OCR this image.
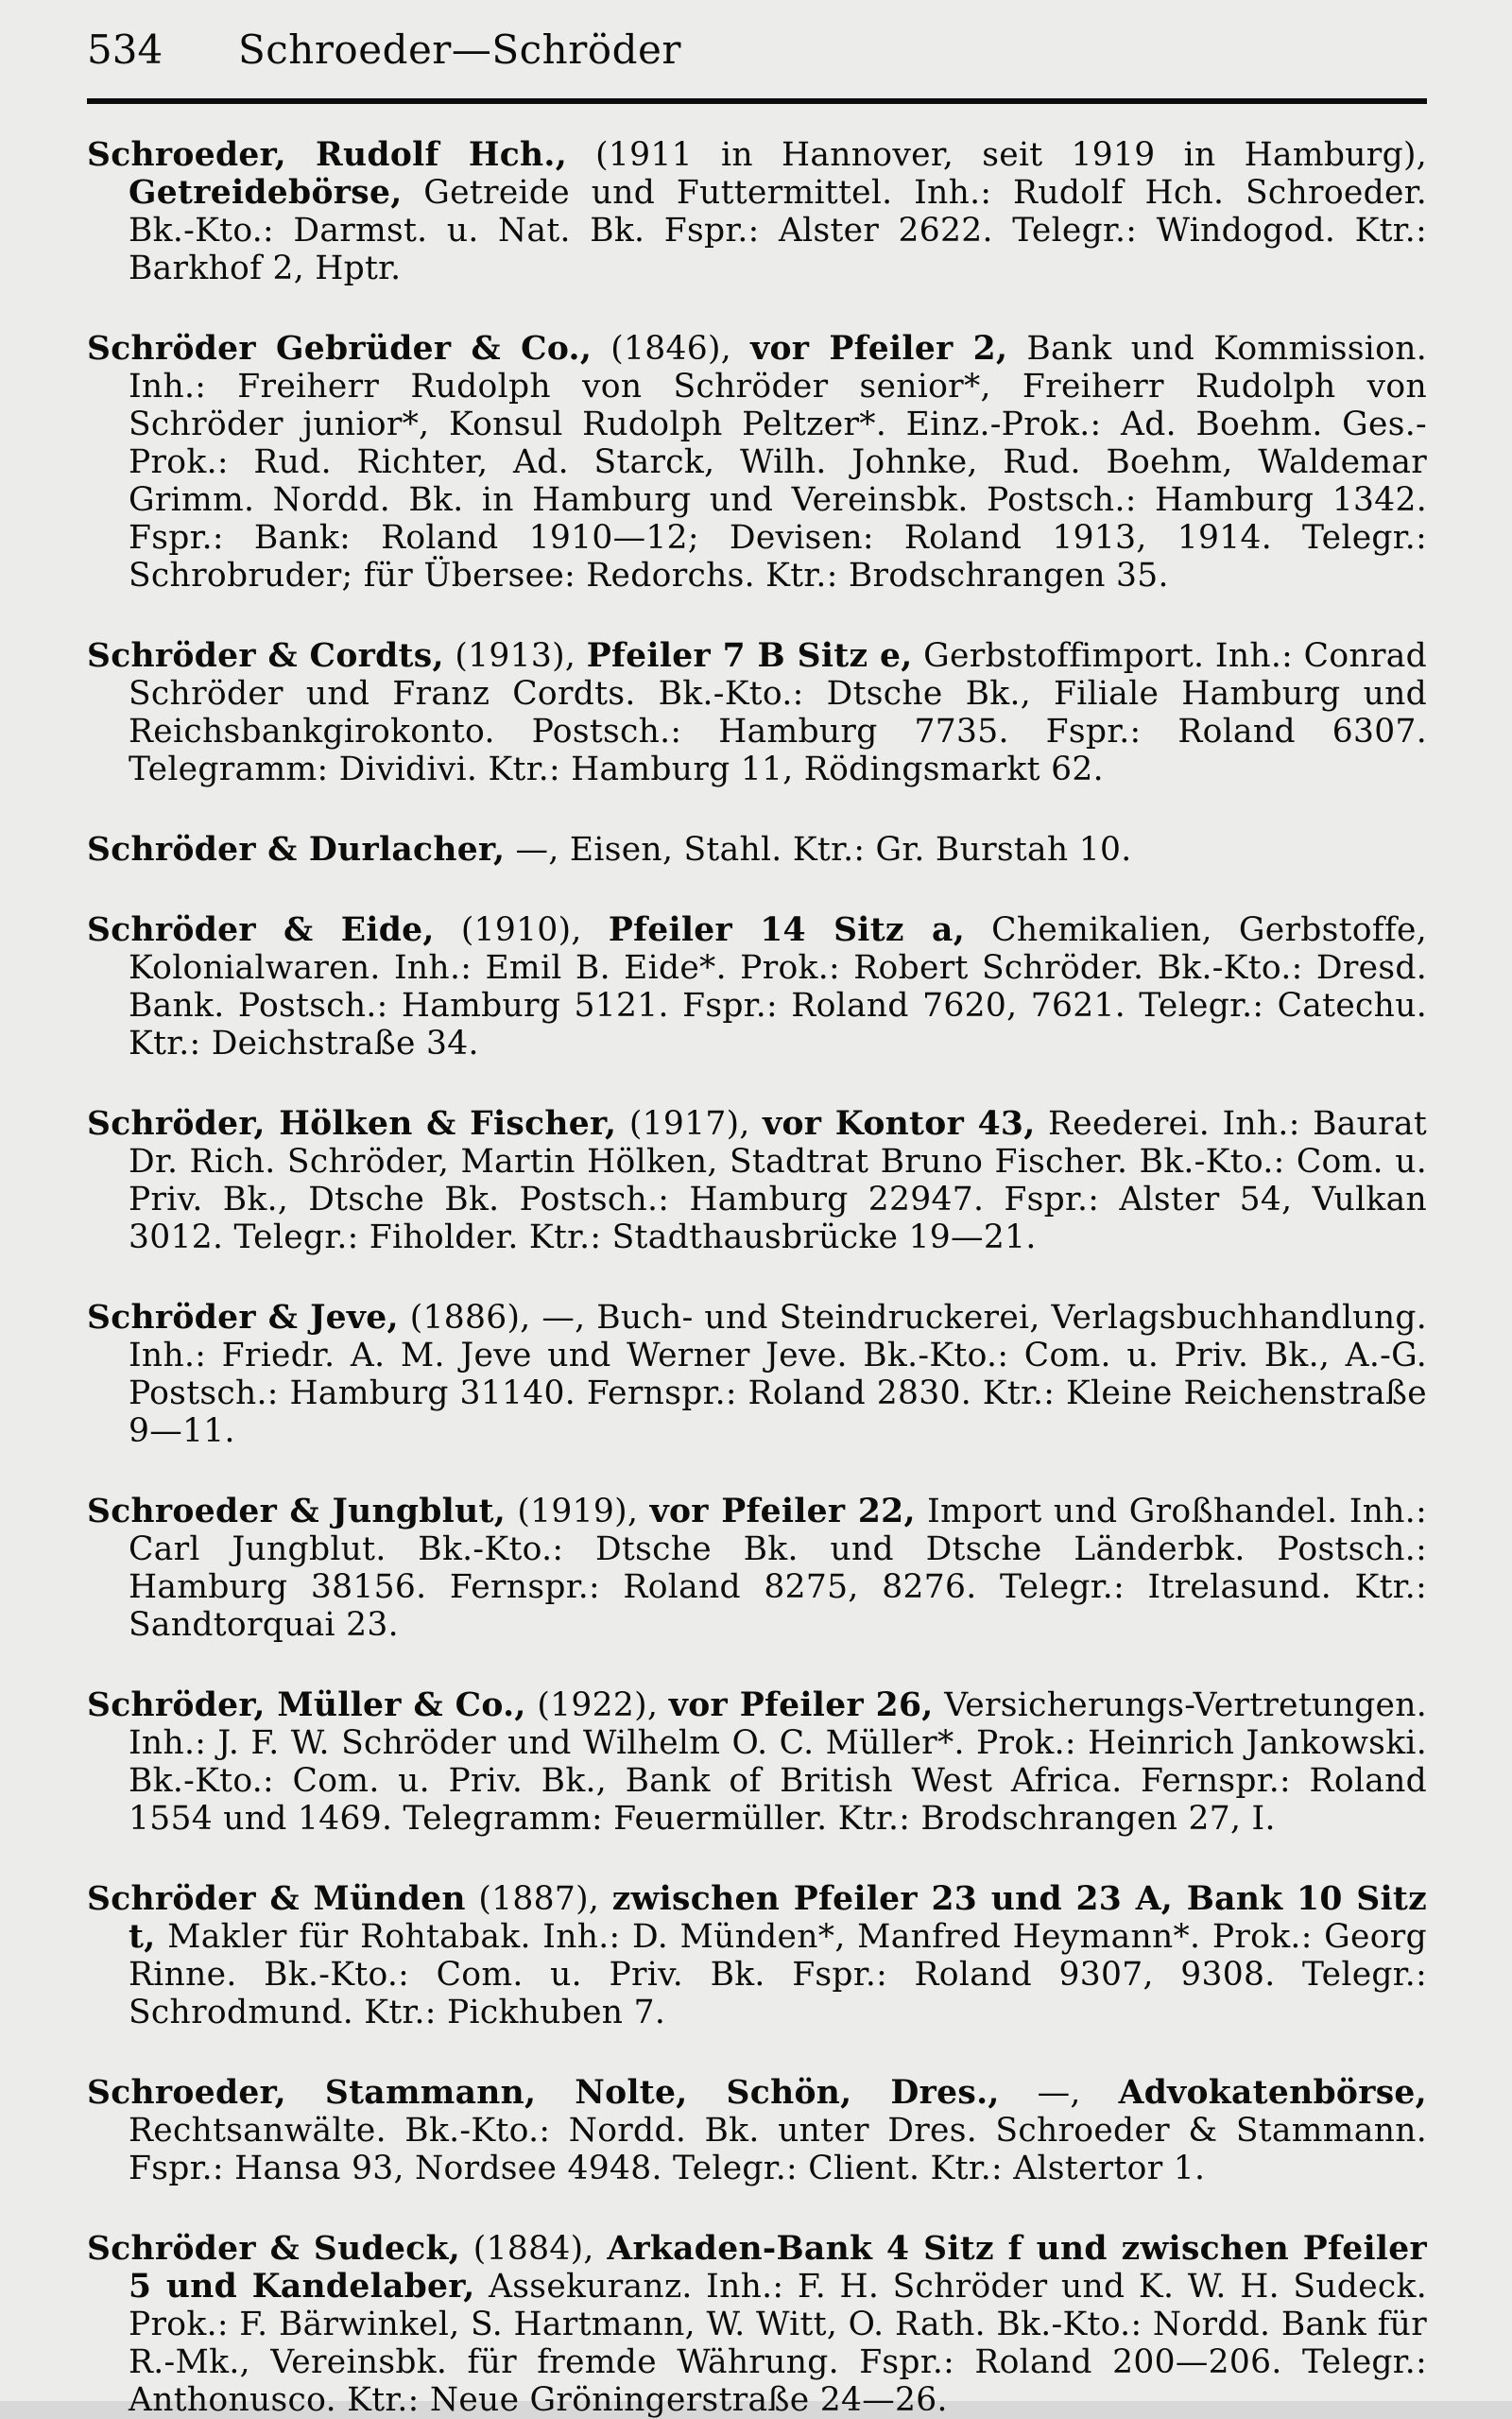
534	Schroeder—Schröder

Schroeder, Rudolf Hch., (1911 in Hannover, seit 1919 in Hamburg), Getreidebörse, Getreide und Futtermittel. Inh.: Rudolf Hch. Schroeder. Bk.-Kto.: Darmst. u. Nat. Bk. Fspr.: Alster 2622. Telegr.: Windogod. Ktr.: Barkhof 2, Hptr.

Schröder Gebrüder & Co., (1846), vor Pfeiler 2, Bank und Kommission. Inh.: Freiherr Rudolph von Schröder senior*, Freiherr Rudolph von Schröder junior*, Konsul Rudolph Peltzer*. Einz.-Prok.: Ad. Boehm. Ges.-Prok.: Rud. Richter, Ad. Starck, Wilh. Johnke, Rud. Boehm, Waldemar Grimm. Nordd. Bk. in Hamburg und Vereinsbk. Postsch.: Hamburg 1342. Fspr.: Bank: Roland 1910—12; Devisen: Roland 1913, 1914. Telegr.: Schrobruder; für Übersee: Redorchs. Ktr.: Brodschrangen 35.

Schröder & Cordts, (1913), Pfeiler 7 B Sitz e, Gerbstoffimport. Inh.: Conrad Schröder und Franz Cordts. Bk.-Kto.: Dtsche Bk., Filiale Hamburg und Reichsbankgirokonto. Postsch.: Hamburg 7735. Fspr.: Roland 6307. Telegramm: Dividivi. Ktr.: Hamburg 11, Rödingsmarkt 62.

Schröder & Durlacher, —, Eisen, Stahl. Ktr.: Gr. Burstah 10.

Schröder & Eide, (1910), Pfeiler 14 Sitz a, Chemikalien, Gerbstoffe, Kolonialwaren. Inh.: Emil B. Eide*. Prok.: Robert Schröder. Bk.-Kto.: Dresd. Bank. Postsch.: Hamburg 5121. Fspr.: Roland 7620, 7621. Telegr.: Catechu. Ktr.: Deichstraße 34.

Schröder, Hölken & Fischer, (1917), vor Kontor 43, Reederei. Inh.: Baurat Dr. Rich. Schröder, Martin Hölken, Stadtrat Bruno Fischer. Bk.-Kto.: Com. u. Priv. Bk., Dtsche Bk. Postsch.: Hamburg 22947. Fspr.: Alster 54, Vulkan 3012. Telegr.: Fiholder. Ktr.: Stadthausbrücke 19—21.

Schröder & Jeve, (1886), —, Buch- und Steindruckerei, Verlagsbuchhandlung. Inh.: Friedr. A. M. Jeve und Werner Jeve. Bk.-Kto.: Com. u. Priv. Bk., A.-G. Postsch.: Hamburg 31140. Fernspr.: Roland 2830. Ktr.: Kleine Reichenstraße 9—11.

Schroeder & Jungblut, (1919), vor Pfeiler 22, Import und Großhandel. Inh.: Carl Jungblut. Bk.-Kto.: Dtsche Bk. und Dtsche Länderbk. Postsch.: Hamburg 38156. Fernspr.: Roland 8275, 8276. Telegr.: Itrelasund. Ktr.: Sandtorquai 23.

Schröder, Müller & Co., (1922), vor Pfeiler 26, Versicherungs-Vertretungen. Inh.: J. F. W. Schröder und Wilhelm O. C. Müller*. Prok.: Heinrich Jankowski. Bk.-Kto.: Com. u. Priv. Bk., Bank of British West Africa. Fernspr.: Roland 1554 und 1469. Telegramm: Feuermüller. Ktr.: Brodschrangen 27, I.

Schröder & Münden (1887), zwischen Pfeiler 23 und 23 A, Bank 10 Sitz t, Makler für Rohtabak. Inh.: D. Münden*, Manfred Heymann*. Prok.: Georg Rinne. Bk.-Kto.: Com. u. Priv. Bk. Fspr.: Roland 9307, 9308. Telegr.: Schrodmund. Ktr.: Pickhuben 7.

Schroeder, Stammann, Nolte, Schön, Dres., —, Advokatenbörse, Rechtsanwälte. Bk.-Kto.: Nordd. Bk. unter Dres. Schroeder & Stammann. Fspr.: Hansa 93, Nordsee 4948. Telegr.: Client. Ktr.: Alstertor 1.

Schröder & Sudeck, (1884), Arkaden-Bank 4 Sitz f und zwischen Pfeiler 5 und Kandelaber, Assekuranz. Inh.: F. H. Schröder und K. W. H. Sudeck. Prok.: F. Bärwinkel, S. Hartmann, W. Witt, O. Rath. Bk.-Kto.: Nordd. Bank für R.-Mk., Vereinsbk. für fremde Währung. Fspr.: Roland 200—206. Telegr.: Anthonusco. Ktr.: Neue Gröningerstraße 24—26.
